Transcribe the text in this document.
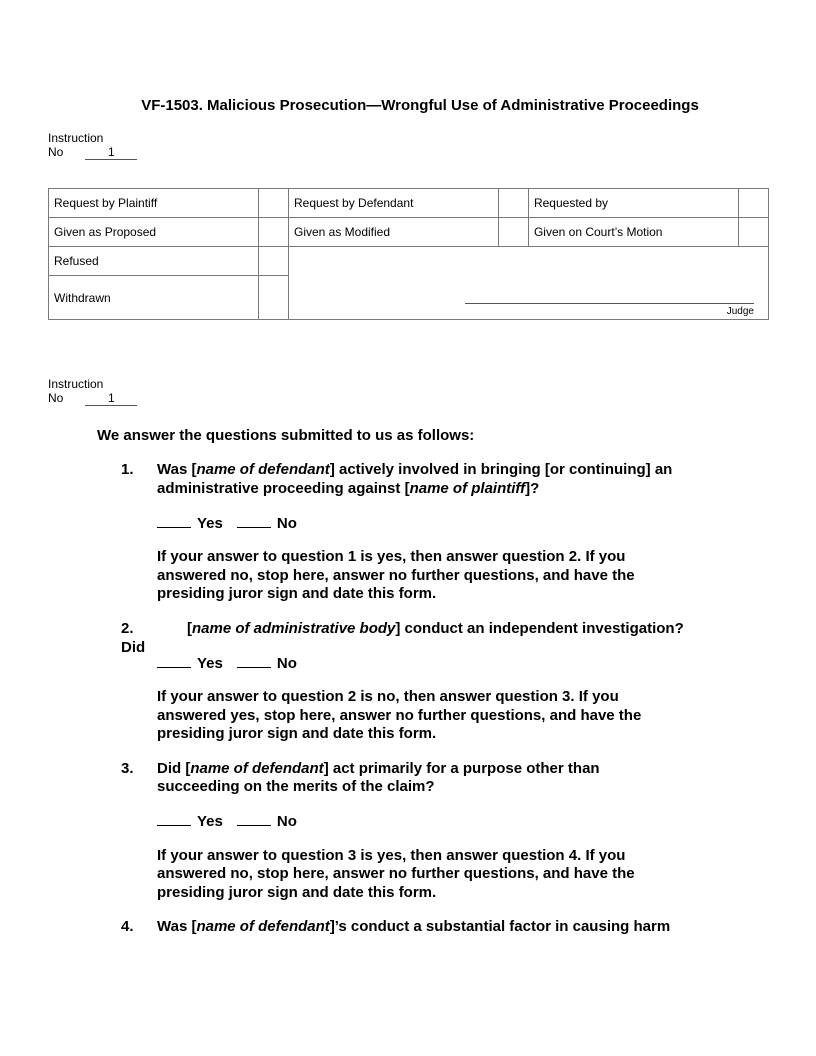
VF-1503. Malicious Prosecution—Wrongful Use of Administrative Proceedings
Instruction
No	1
Request by Plaintiff		Request by Defendant		Requested by	
Given as Proposed		Given as Modified		Given on Court’s Motion	
Refused		Judge			

Withdrawn					
Instruction
No	1
We answer the questions submitted to us as follows:
1. Was [name of defendant] actively involved in bringing [or continuing] an
administrative proceeding against [name of plaintiff]?
Yes	No
If your answer to question 1 is yes, then answer question 2. If you
answered no, stop here, answer no further questions, and have the
presiding juror sign and date this form.
2. Did
[name of administrative body] conduct an independent investigation?
Yes	No
If your answer to question 2 is no, then answer question 3. If you
answered yes, stop here, answer no further questions, and have the
presiding juror sign and date this form.
3. Did [name of defendant] act primarily for a purpose other than
succeeding on the merits of the claim?
Yes	No
If your answer to question 3 is yes, then answer question 4. If you
answered no, stop here, answer no further questions, and have the
presiding juror sign and date this form.
4. Was [name of defendant]’s conduct a substantial factor in causing harm
